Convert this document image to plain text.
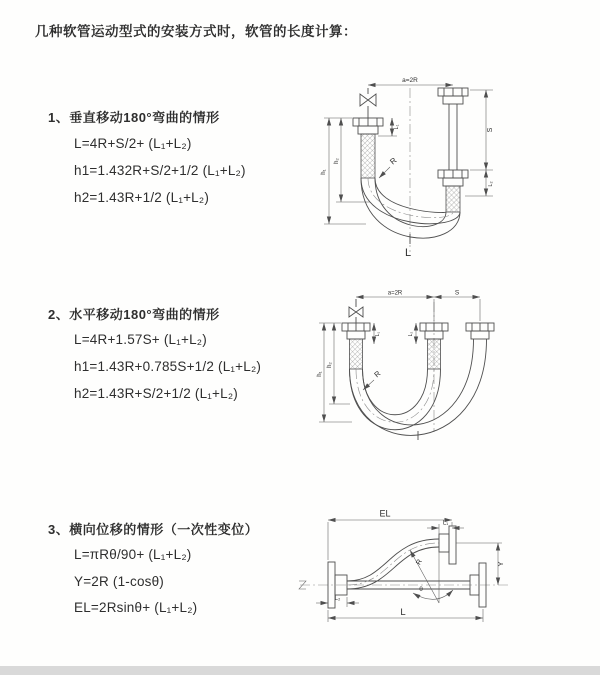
几种软管运动型式的安装方式时，软管的长度计算：
1、垂直移动180°弯曲的情形
L=4R+S/2+ (L₁+L₂)
h1=1.432R+S/2+1/2 (L₁+L₂)
h2=1.43R+1/2 (L₁+L₂)
2、水平移动180°弯曲的情形
L=4R+1.57S+ (L₁+L₂)
h1=1.43R+0.785S+1/2 (L₁+L₂)
h2=1.43R+S/2+1/2 (L₁+L₂)
3、横向位移的情形（一次性变位）
L=πRθ/90+ (L₁+L₂)
Y=2R (1-cosθ)
EL=2Rsinθ+ (L₁+L₂)
a=2R
L₁
S
L₂
h₁
h₂	R
L
a=2R	S
L₁	L₂
h₁
h₂
R
EL
L₁
Y
R
θ
L₂
L
